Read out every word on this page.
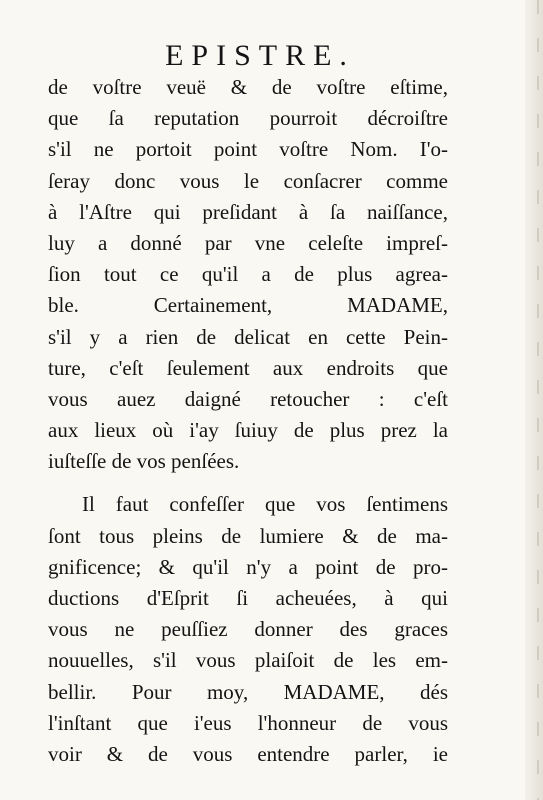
EPISTRE.
de voſtre veuë & de voſtre eſtime,
que ſa reputation pourroit décroiſtre
s'il ne portoit point voſtre Nom. I'o-
ſeray donc vous le conſacrer comme
à l'Aſtre qui preſidant à ſa naiſſance,
luy a donné par vne celeſte impreſ-
ſion tout ce qu'il a de plus agrea-
ble. Certainement, MADAME,
s'il y a rien de delicat en cette Pein-
ture, c'eſt ſeulement aux endroits que
vous auez daigné retoucher : c'eſt
aux lieux où i'ay ſuiuy de plus prez la
iuſteſſe de vos penſées.
Il faut confeſſer que vos ſentimens
ſont tous pleins de lumiere & de ma-
gnificence; & qu'il n'y a point de pro-
ductions d'Eſprit ſi acheuées, à qui
vous ne peuſſiez donner des graces
nouuelles, s'il vous plaiſoit de les em-
bellir. Pour moy, MADAME, dés
l'inſtant que i'eus l'honneur de vous
voir & de vous entendre parler, ie
